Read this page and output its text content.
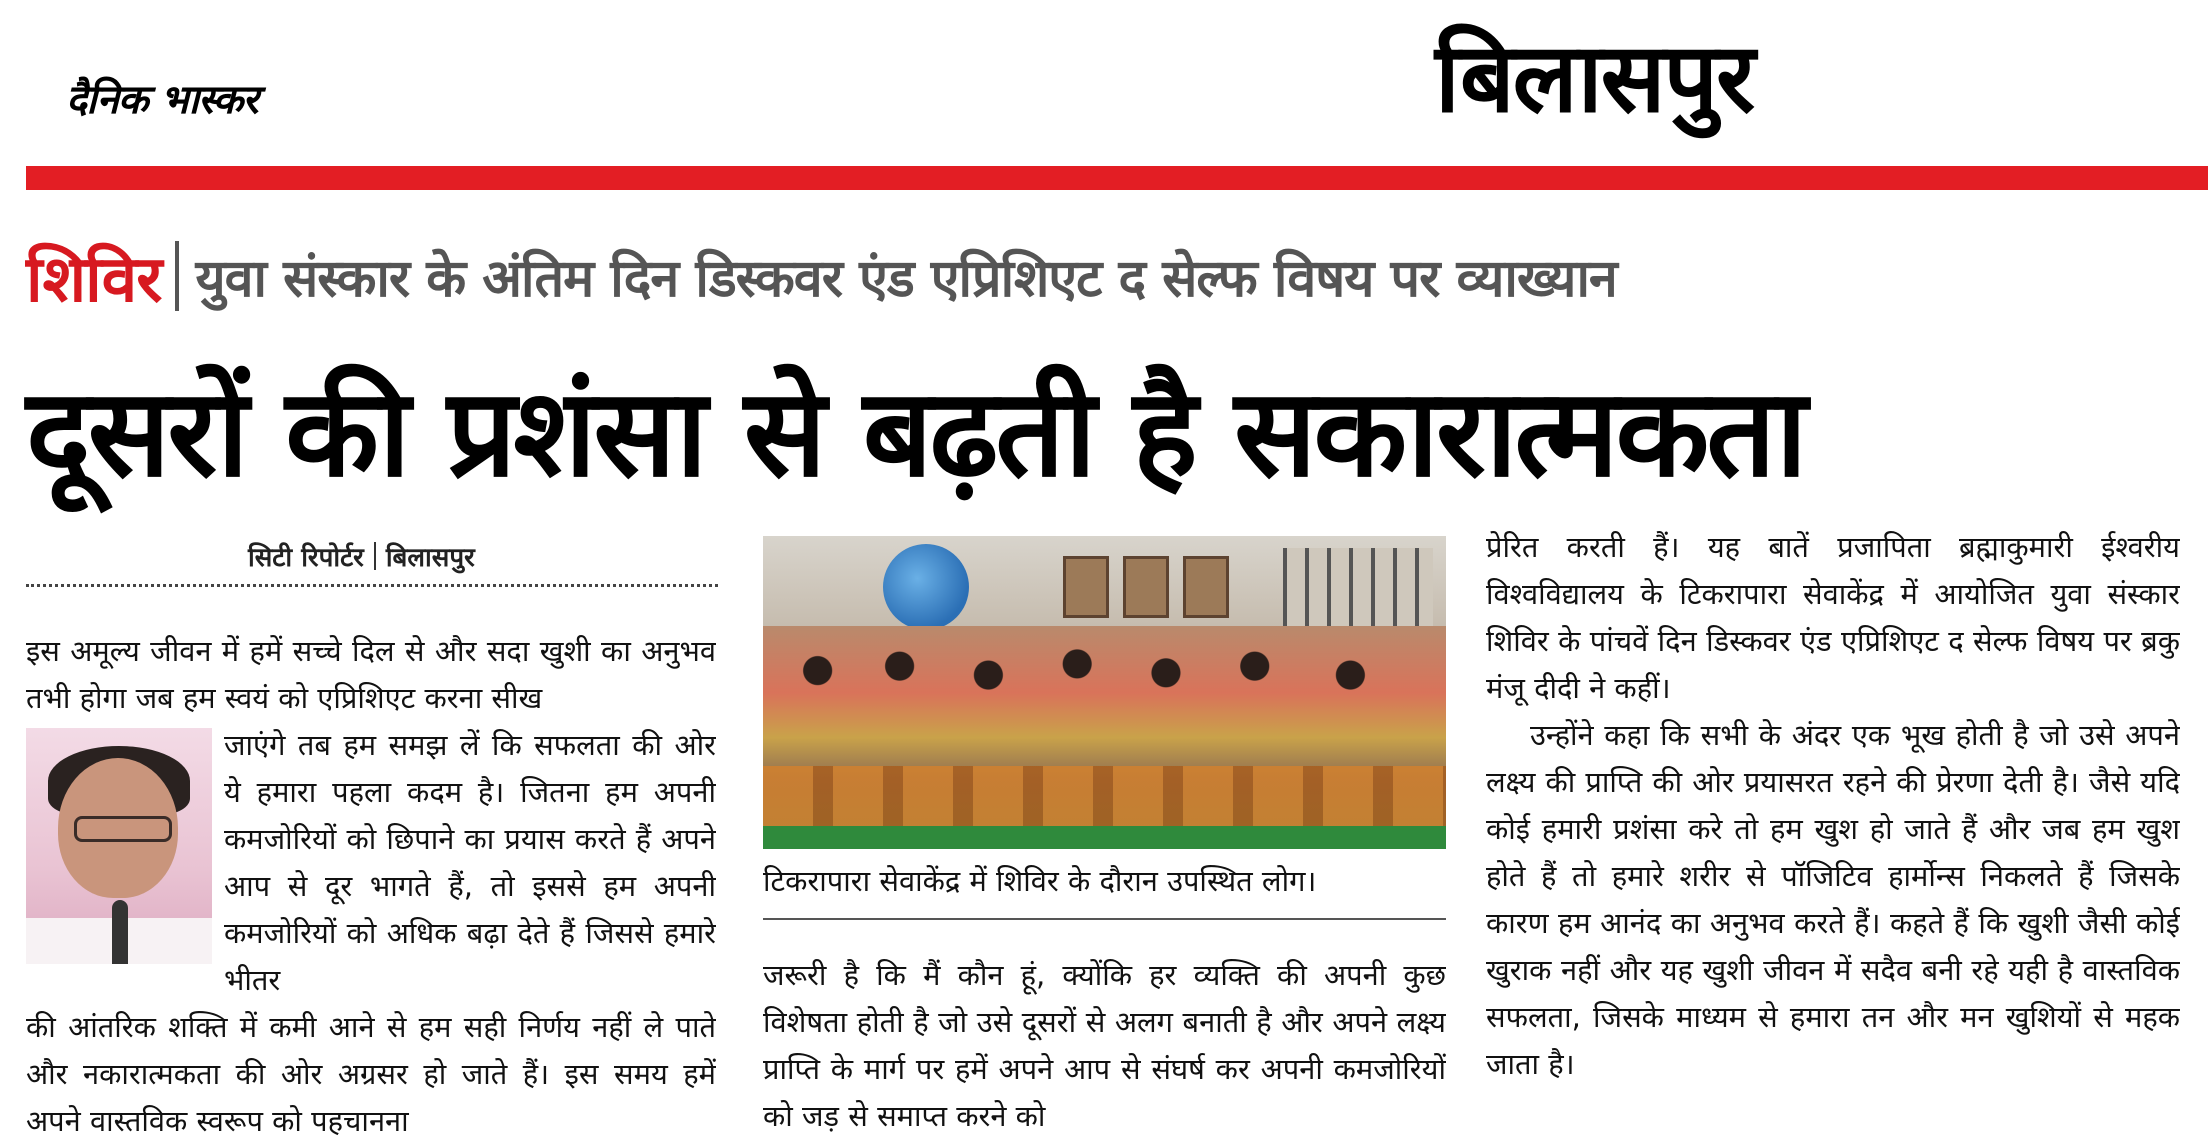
दैनिक भास्कर	बिलासपुर
शिविर युवा संस्कार के अंतिम दिन डिस्कवर एंड एप्रिशिएट द सेल्फ विषय पर व्याख्यान
दूसरों की प्रशंसा से बढ़ती है सकारात्मकता
सिटी रिपोर्टर बिलासपुर
इस अमूल्य जीवन में हमें सच्चे दिल से और सदा खुशी का अनुभव तभी होगा जब हम स्वयं को एप्रिशिएट करना सीख
जाएंगे तब हम समझ लें कि सफलता की ओर ये हमारा पहला कदम है। जितना हम अपनी कमजोरियों को छिपाने का प्रयास करते हैं अपने आप से दूर भागते हैं, तो इससे हम अपनी कमजोरियों को अधिक बढ़ा देते हैं जिससे हमारे भीतर
की आंतरिक शक्ति में कमी आने से हम सही निर्णय नहीं ले पाते और नकारात्मकता की ओर अग्रसर हो जाते हैं। इस समय हमें अपने वास्तविक स्वरूप को पहचानना
टिकरापारा सेवाकेंद्र में शिविर के दौरान उपस्थित लोग।
जरूरी है कि मैं कौन हूं, क्योंकि हर व्यक्ति की अपनी कुछ विशेषता होती है जो उसे दूसरों से अलग बनाती है और अपने लक्ष्य प्राप्ति के मार्ग पर हमें अपने आप से संघर्ष कर अपनी कमजोरियों को जड़ से समाप्त करने को

प्रेरित करती हैं। यह बातें प्रजापिता ब्रह्माकुमारी ईश्वरीय विश्वविद्यालय के टिकरापारा सेवाकेंद्र में आयोजित युवा संस्कार शिविर के पांचवें दिन डिस्कवर एंड एप्रिशिएट द सेल्फ विषय पर ब्रकु मंजू दीदी ने कहीं।

उन्होंने कहा कि सभी के अंदर एक भूख होती है जो उसे अपने लक्ष्य की प्राप्ति की ओर प्रयासरत रहने की प्रेरणा देती है। जैसे यदि कोई हमारी प्रशंसा करे तो हम खुश हो जाते हैं और जब हम खुश होते हैं तो हमारे शरीर से पॉजिटिव हार्मोन्स निकलते हैं जिसके कारण हम आनंद का अनुभव करते हैं। कहते हैं कि खुशी जैसी कोई खुराक नहीं और यह खुशी जीवन में सदैव बनी रहे यही है वास्तविक सफलता, जिसके माध्यम से हमारा तन और मन खुशियों से महक जाता है।
